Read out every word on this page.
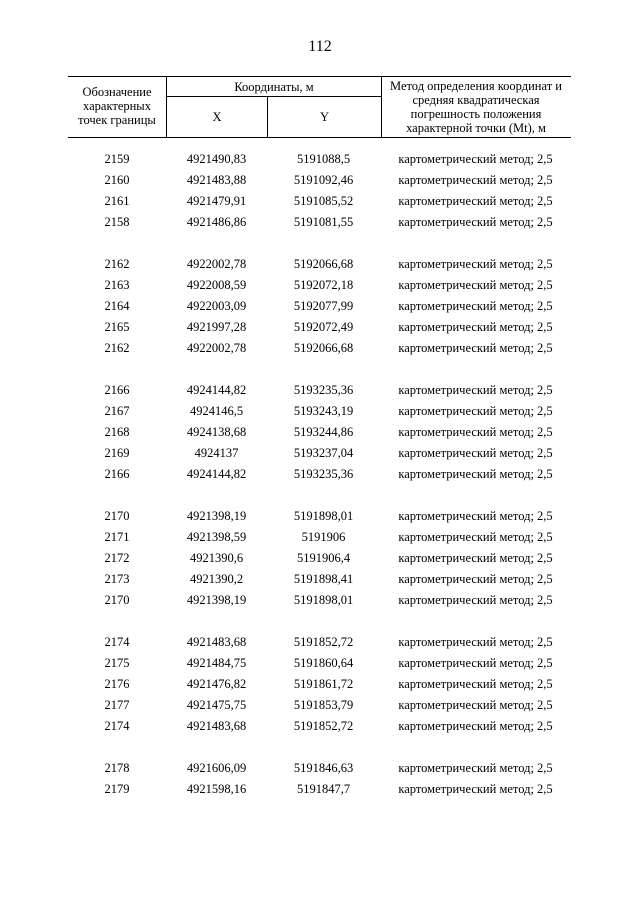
112
Обозначение характерных точек границы
Координаты, м
X	Y
Метод определения координат и средняя квадратическая погрешность положения характерной точки (Mt), м
2159	4921490,83	5191088,5	картометрический метод; 2,5
2160	4921483,88	5191092,46	картометрический метод; 2,5
2161	4921479,91	5191085,52	картометрический метод; 2,5
2158	4921486,86	5191081,55	картометрический метод; 2,5
2162	4922002,78	5192066,68	картометрический метод; 2,5
2163	4922008,59	5192072,18	картометрический метод; 2,5
2164	4922003,09	5192077,99	картометрический метод; 2,5
2165	4921997,28	5192072,49	картометрический метод; 2,5
2162	4922002,78	5192066,68	картометрический метод; 2,5
2166	4924144,82	5193235,36	картометрический метод; 2,5
2167	4924146,5	5193243,19	картометрический метод; 2,5
2168	4924138,68	5193244,86	картометрический метод; 2,5
2169	4924137	5193237,04	картометрический метод; 2,5
2166	4924144,82	5193235,36	картометрический метод; 2,5
2170	4921398,19	5191898,01	картометрический метод; 2,5
2171	4921398,59	5191906	картометрический метод; 2,5
2172	4921390,6	5191906,4	картометрический метод; 2,5
2173	4921390,2	5191898,41	картометрический метод; 2,5
2170	4921398,19	5191898,01	картометрический метод; 2,5
2174	4921483,68	5191852,72	картометрический метод; 2,5
2175	4921484,75	5191860,64	картометрический метод; 2,5
2176	4921476,82	5191861,72	картометрический метод; 2,5
2177	4921475,75	5191853,79	картометрический метод; 2,5
2174	4921483,68	5191852,72	картометрический метод; 2,5
2178	4921606,09	5191846,63	картометрический метод; 2,5
2179	4921598,16	5191847,7	картометрический метод; 2,5
